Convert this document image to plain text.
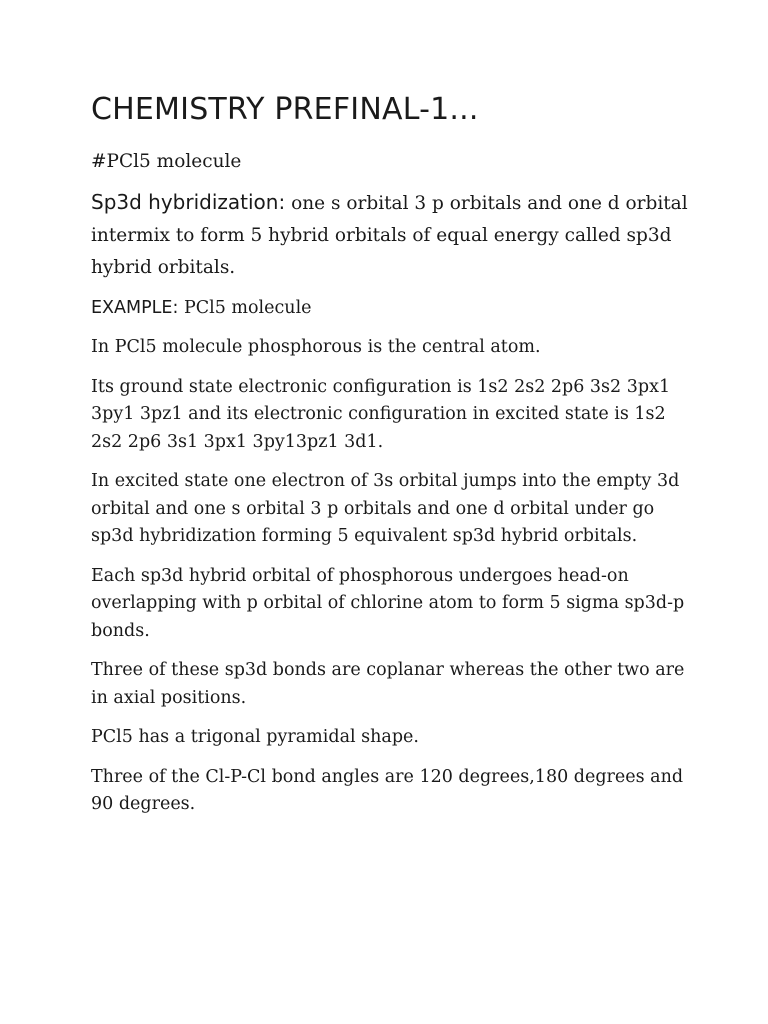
CHEMISTRY PREFINAL-1...

#PCl5 molecule

Sp3d hybridization: one s orbital 3 p orbitals and one d orbital intermix to form 5 hybrid orbitals of equal energy called sp3d hybrid orbitals.

EXAMPLE: PCl5 molecule

In PCl5 molecule phosphorous is the central atom.

Its ground state electronic configuration is 1s2 2s2 2p6 3s2 3px1 3py1 3pz1 and its electronic configuration in excited state is 1s2 2s2 2p6 3s1 3px1 3py13pz1 3d1.

In excited state one electron of 3s orbital jumps into the empty 3d orbital and one s orbital 3 p orbitals and one d orbital under go sp3d hybridization forming 5 equivalent sp3d hybrid orbitals.

Each sp3d hybrid orbital of phosphorous undergoes head-on overlapping with p orbital of chlorine atom to form 5 sigma sp3d-p bonds.

Three of these sp3d bonds are coplanar whereas the other two are in axial positions.

PCl5 has a trigonal pyramidal shape.

Three of the Cl-P-Cl bond angles are 120 degrees,180 degrees and 90 degrees.
